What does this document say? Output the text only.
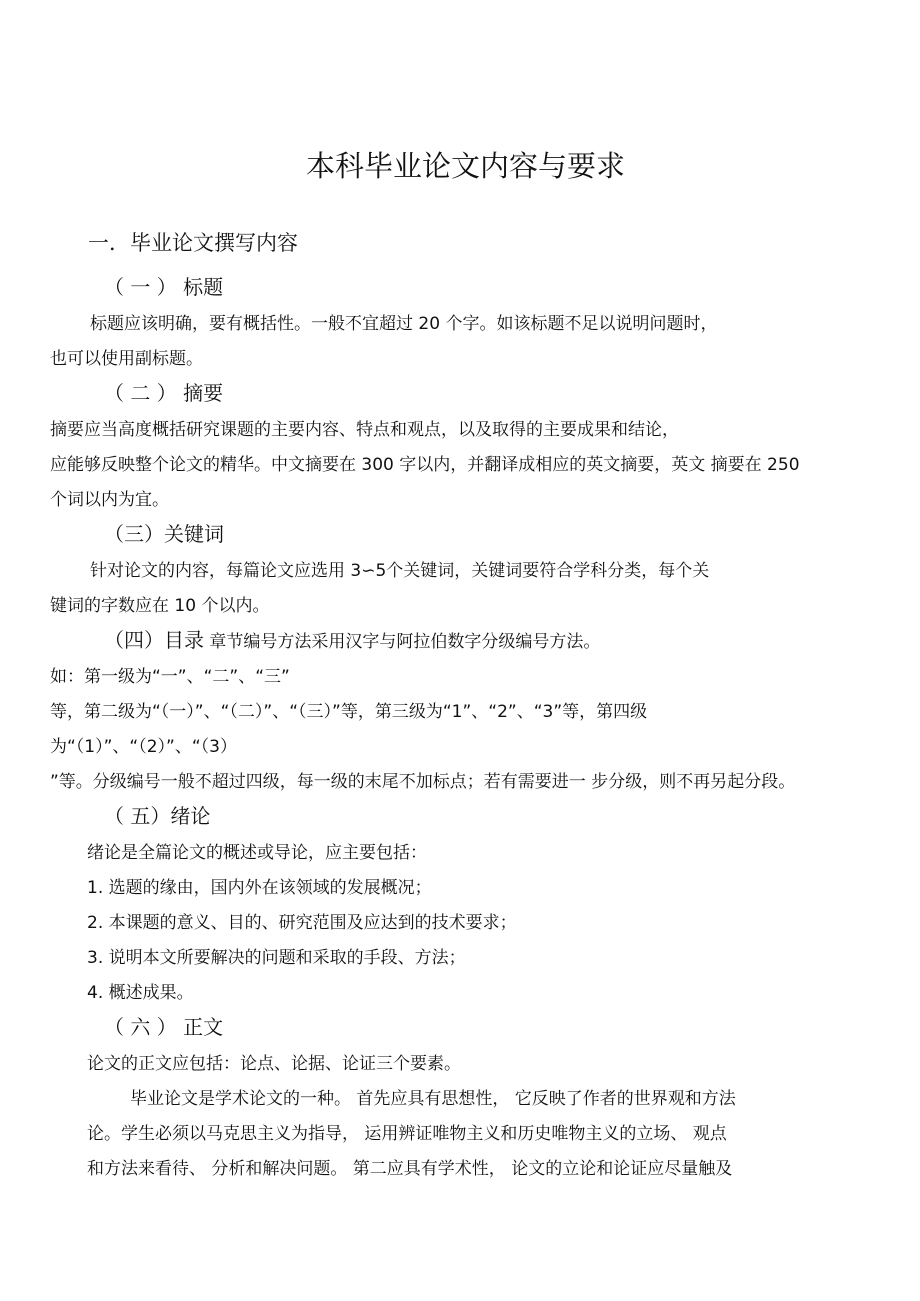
本科毕业论文内容与要求
一．毕业论文撰写内容
（ 一 ） 标题
标题应该明确，要有概括性。一般不宜超过 20 个字。如该标题不足以说明问题时，
也可以使用副标题。
（ 二 ） 摘要
摘要应当高度概括研究课题的主要内容、特点和观点，以及取得的主要成果和结论，
应能够反映整个论文的精华。中文摘要在 300 字以内，并翻译成相应的英文摘要，英文 摘要在 250
个词以内为宜。
（三）关键词
针对论文的内容，每篇论文应选用 3∽5个关键词，关键词要符合学科分类，每个关
键词的字数应在 10 个以内。
（四）目录 章节编号方法采用汉字与阿拉伯数字分级编号方法。
如：第一级为“一”、“二”、“三”
等，第二级为“（一）”、“（二）”、“（三）”等，第三级为“1”、“2”、“3”等，第四级
为“（1）”、“（2）”、“（3）
”等。分级编号一般不超过四级，每一级的末尾不加标点；若有需要进一 步分级，则不再另起分段。
（ 五）绪论
绪论是全篇论文的概述或导论，应主要包括：
1. 选题的缘由，国内外在该领域的发展概况；
2. 本课题的意义、目的、研究范围及应达到的技术要求；
3. 说明本文所要解决的问题和采取的手段、方法；
4. 概述成果。
（ 六 ） 正文
论文的正文应包括：论点、论据、论证三个要素。
毕业论文是学术论文的一种。 首先应具有思想性， 它反映了作者的世界观和方法
论。学生必须以马克思主义为指导， 运用辨证唯物主义和历史唯物主义的立场、 观点
和方法来看待、 分析和解决问题。 第二应具有学术性， 论文的立论和论证应尽量触及
